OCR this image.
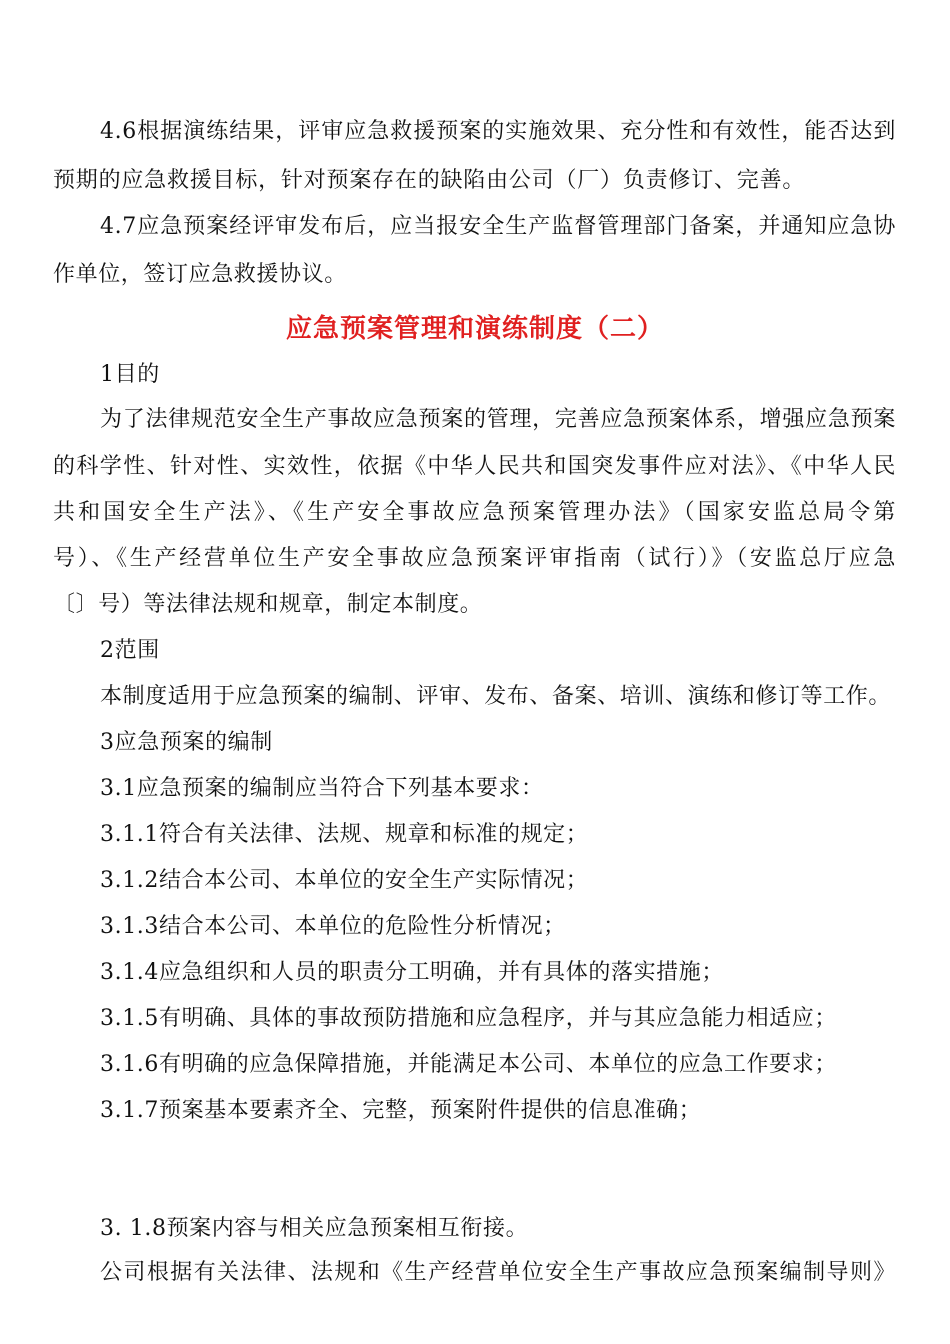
4.6根据演练结果，评审应急救援预案的实施效果、充分性和有效性，能否达到

预期的应急救援目标，针对预案存在的缺陷由公司（厂）负责修订、完善。

4.7应急预案经评审发布后，应当报安全生产监督管理部门备案，并通知应急协

作单位，签订应急救援协议。

应急预案管理和演练制度（二）

1目的

为了法律规范安全生产事故应急预案的管理，完善应急预案体系，增强应急预案

的科学性、针对性、实效性，依据《中华人民共和国突发事件应对法》、《中华人民

共和国安全生产法》、《生产安全事故应急预案管理办法》（国家安监总局令第

号）、《生产经营单位生产安全事故应急预案评审指南（试行）》（安监总厅应急

〔〕号）等法律法规和规章，制定本制度。

2范围

本制度适用于应急预案的编制、评审、发布、备案、培训、演练和修订等工作。

3应急预案的编制

3.1应急预案的编制应当符合下列基本要求：

3.1.1符合有关法律、法规、规章和标准的规定；

3.1.2结合本公司、本单位的安全生产实际情况；

3.1.3结合本公司、本单位的危险性分析情况；

3.1.4应急组织和人员的职责分工明确，并有具体的落实措施；

3.1.5有明确、具体的事故预防措施和应急程序，并与其应急能力相适应；

3.1.6有明确的应急保障措施，并能满足本公司、本单位的应急工作要求；

3.1.7预案基本要素齐全、完整，预案附件提供的信息准确；

3. 1.8预案内容与相关应急预案相互衔接。

公司根据有关法律、法规和《生产经营单位安全生产事故应急预案编制导则》
